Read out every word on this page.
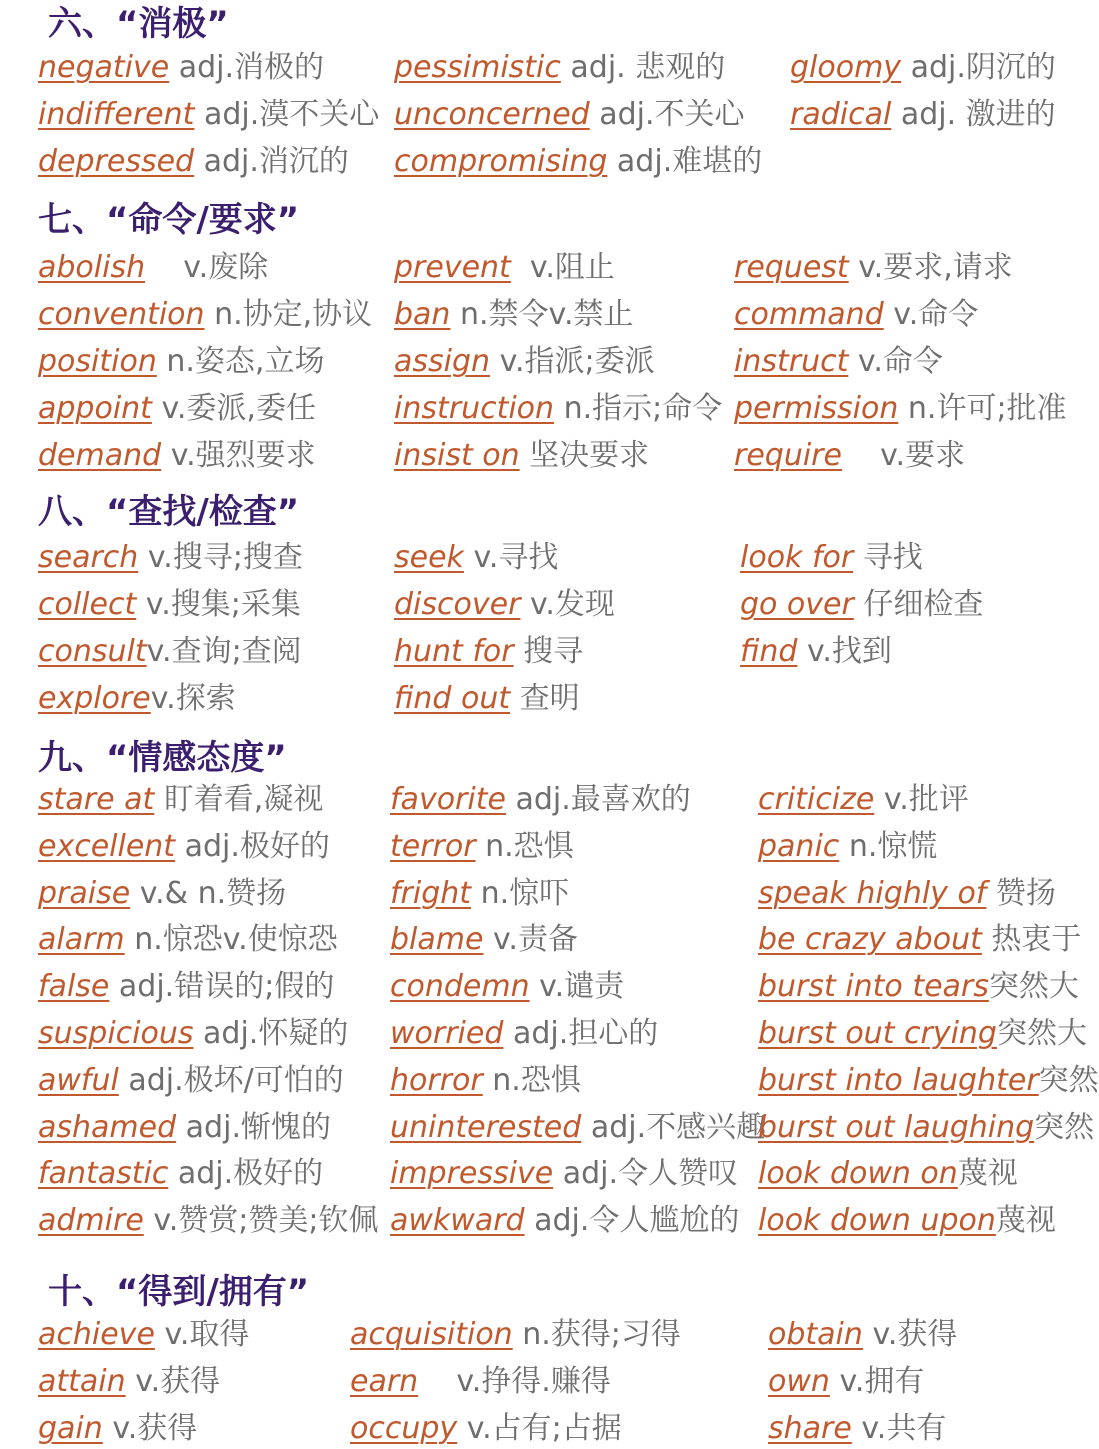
六、“消极”
negative adj.消极的
indifferent adj.漠不关心
depressed adj.消沉的
pessimistic adj. 悲观的
unconcerned adj.不关心
compromising adj.难堪的
gloomy adj.阴沉的
radical adj. 激进的
七、“命令/要求”
abolish    v.废除
convention n.协定,协议
position n.姿态,立场
appoint v.委派,委任
demand v.强烈要求
prevent  v.阻止
ban n.禁令v.禁止
assign v.指派;委派
instruction n.指示;命令
insist on 坚决要求
request v.要求,请求
command v.命令
instruct v.命令
permission n.许可;批准
require    v.要求
八、“查找/检查”
search v.搜寻;搜查
collect v.搜集;采集
consultv.查询;查阅
explorev.探索
seek v.寻找
discover v.发现
hunt for 搜寻
find out 查明
look for 寻找
go over 仔细检查
find v.找到
九、“情感态度”
stare at 盯着看,凝视
excellent adj.极好的
praise v.& n.赞扬
alarm n.惊恐v.使惊恐
false adj.错误的;假的
suspicious adj.怀疑的
awful adj.极坏/可怕的
ashamed adj.惭愧的
fantastic adj.极好的
admire v.赞赏;赞美;钦佩
favorite adj.最喜欢的
terror n.恐惧
fright n.惊吓
blame v.责备
condemn v.谴责
worried adj.担心的
horror n.恐惧
uninterested adj.不感兴趣
impressive adj.令人赞叹
awkward adj.令人尴尬的
criticize v.批评
panic n.惊慌
speak highly of 赞扬
be crazy about 热衷于
burst into tears突然大
burst out crying突然大
burst into laughter突然
burst out laughing突然
look down on蔑视
look down upon蔑视
十、“得到/拥有”
achieve v.取得
attain v.获得
gain v.获得
acquisition n.获得;习得
earn    v.挣得.赚得
occupy v.占有;占据
obtain v.获得
own v.拥有
share v.共有
